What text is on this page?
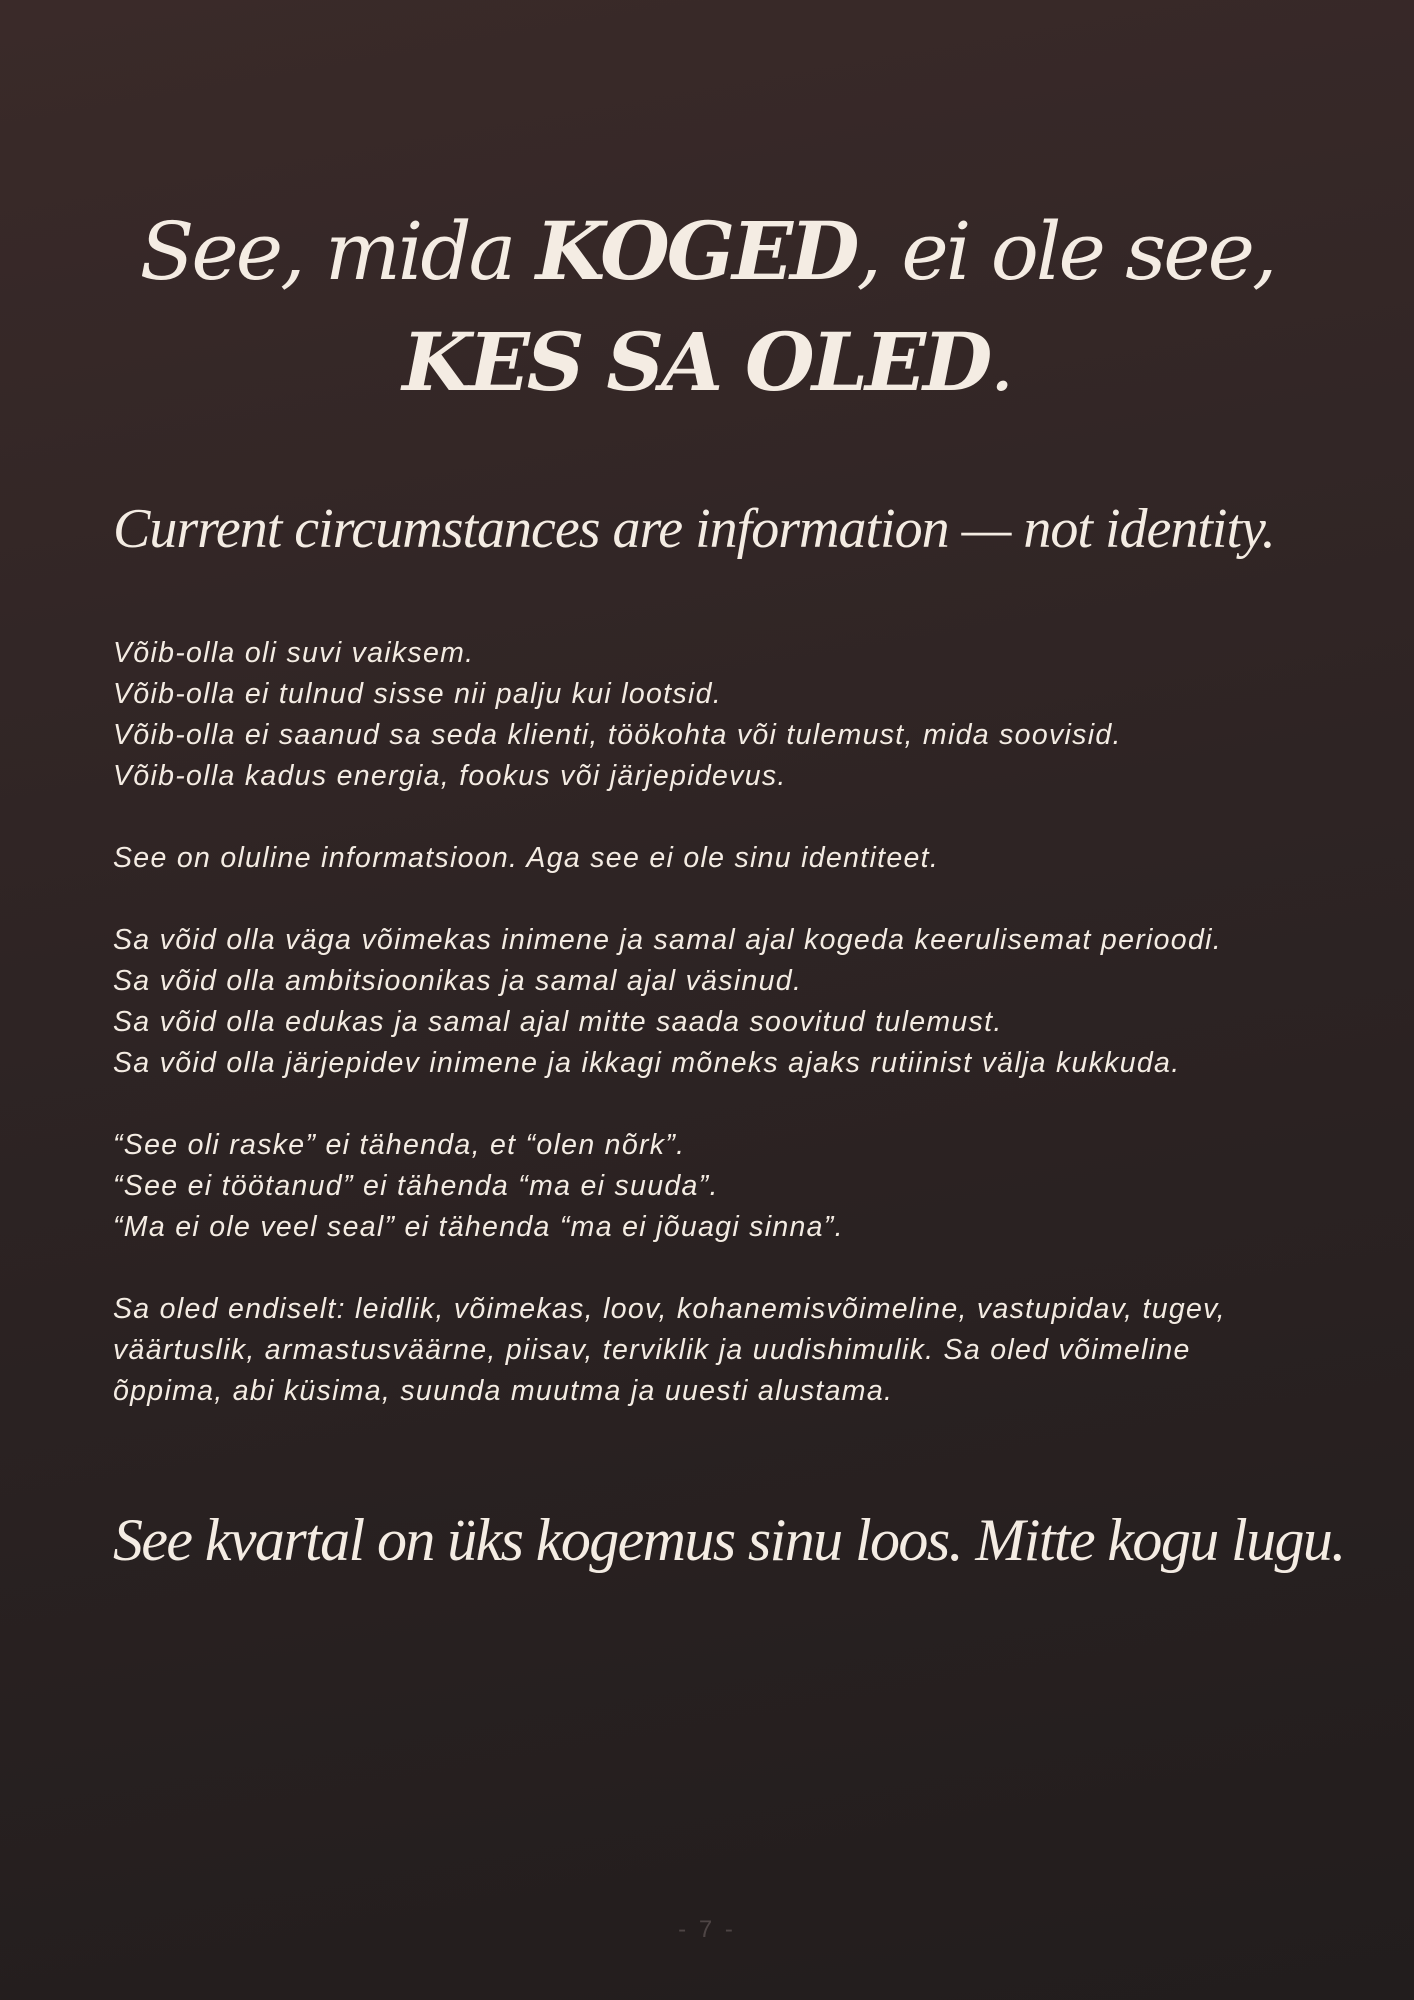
See, mida KOGED, ei ole see,
KES SA OLED.
Current circumstances are information — not identity.

Võib-olla oli suvi vaiksem.
Võib-olla ei tulnud sisse nii palju kui lootsid.
Võib-olla ei saanud sa seda klienti, töökohta või tulemust, mida soovisid.
Võib-olla kadus energia, fookus või järjepidevus.

See on oluline informatsioon. Aga see ei ole sinu identiteet.

Sa võid olla väga võimekas inimene ja samal ajal kogeda keerulisemat perioodi.
Sa võid olla ambitsioonikas ja samal ajal väsinud.
Sa võid olla edukas ja samal ajal mitte saada soovitud tulemust.
Sa võid olla järjepidev inimene ja ikkagi mõneks ajaks rutiinist välja kukkuda.

“See oli raske” ei tähenda, et “olen nõrk”.
“See ei töötanud” ei tähenda “ma ei suuda”.
“Ma ei ole veel seal” ei tähenda “ma ei jõuagi sinna”.

Sa oled endiselt: leidlik, võimekas, loov, kohanemisvõimeline, vastupidav, tugev, väärtuslik, armastusväärne, piisav, terviklik ja uudishimulik. Sa oled võimeline õppima, abi küsima, suunda muutma ja uuesti alustama.

See kvartal on üks kogemus sinu loos. Mitte kogu lugu.

- 7 -
